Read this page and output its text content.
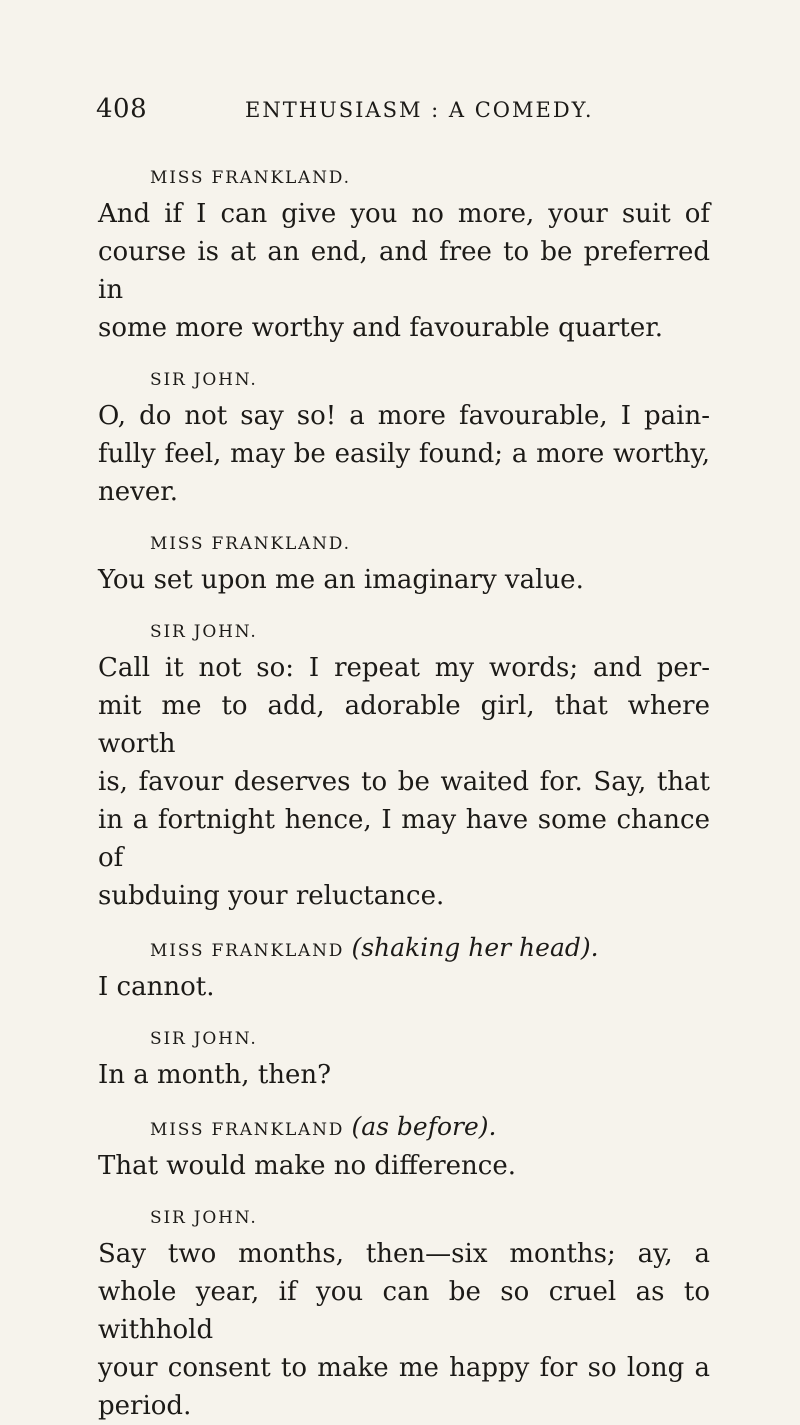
408	ENTHUSIASM : A COMEDY.
MISS FRANKLAND.
And if I can give you no more, your suit of
course is at an end, and free to be preferred in
some more worthy and favourable quarter.
SIR JOHN.
O, do not say so! a more favourable, I pain-
fully feel, may be easily found; a more worthy,
never.
MISS FRANKLAND.
You set upon me an imaginary value.
SIR JOHN.
Call it not so: I repeat my words; and per-
mit me to add, adorable girl, that where worth
is, favour deserves to be waited for. Say, that
in a fortnight hence, I may have some chance of
subduing your reluctance.
MISS FRANKLAND (shaking her head).
I cannot.
SIR JOHN.
In a month, then?
MISS FRANKLAND (as before).
That would make no difference.
SIR JOHN.
Say two months, then—six months; ay, a
whole year, if you can be so cruel as to withhold
your consent to make me happy for so long a
period.
